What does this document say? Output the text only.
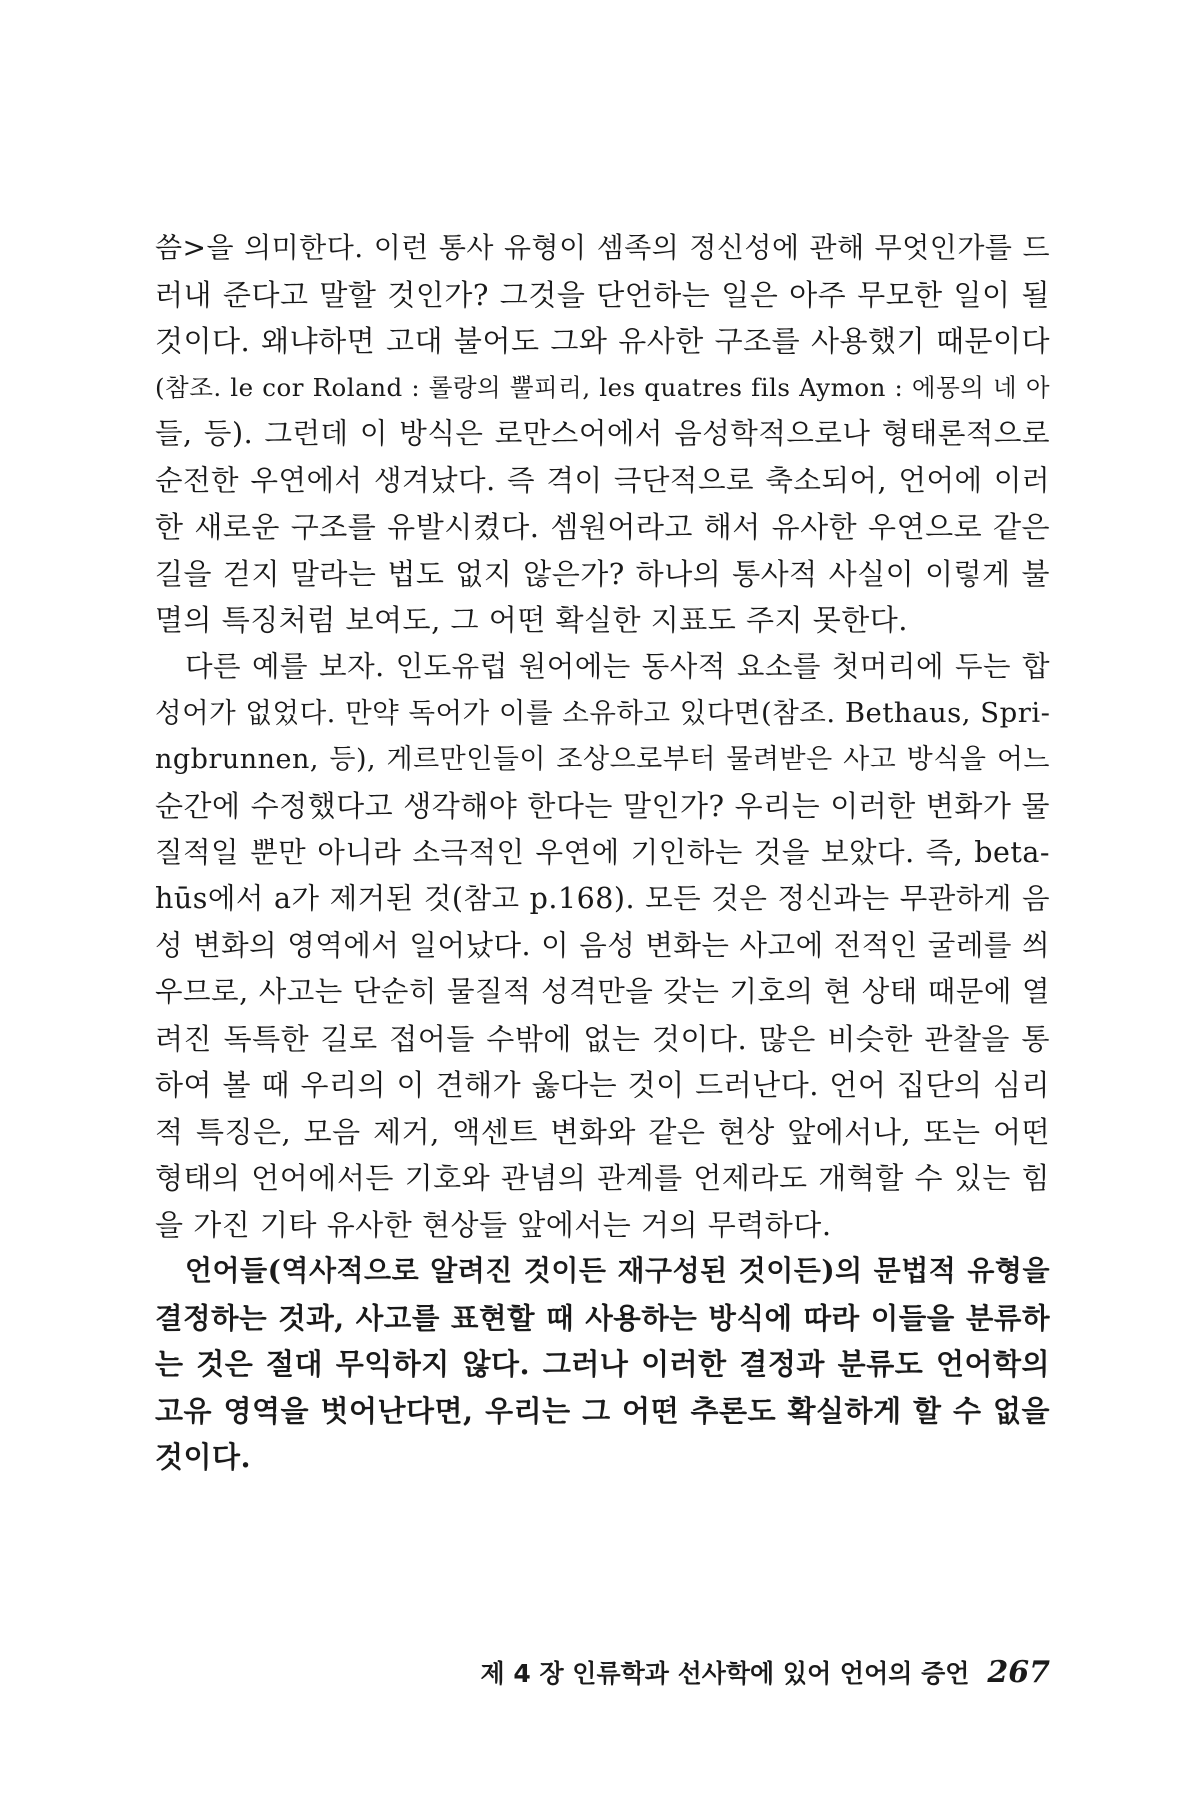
씀>을 의미한다. 이런 통사 유형이 셈족의 정신성에 관해 무엇인가를 드
러내 준다고 말할 것인가? 그것을 단언하는 일은 아주 무모한 일이 될
것이다. 왜냐하면 고대 불어도 그와 유사한 구조를 사용했기 때문이다
(참조. le cor Roland : 롤랑의 뿔피리, les quatres fils Aymon : 에몽의 네 아
들, 등). 그런데 이 방식은 로만스어에서 음성학적으로나 형태론적으로
순전한 우연에서 생겨났다. 즉 격이 극단적으로 축소되어, 언어에 이러
한 새로운 구조를 유발시켰다. 셈원어라고 해서 유사한 우연으로 같은
길을 걷지 말라는 법도 없지 않은가? 하나의 통사적 사실이 이렇게 불
멸의 특징처럼 보여도, 그 어떤 확실한 지표도 주지 못한다.
다른 예를 보자. 인도유럽 원어에는 동사적 요소를 첫머리에 두는 합
성어가 없었다. 만약 독어가 이를 소유하고 있다면(참조. Bethaus, Spri-
ngbrunnen, 등), 게르만인들이 조상으로부터 물려받은 사고 방식을 어느
순간에 수정했다고 생각해야 한다는 말인가? 우리는 이러한 변화가 물
질적일 뿐만 아니라 소극적인 우연에 기인하는 것을 보았다. 즉, beta-
hūs에서 a가 제거된 것(참고 p.168). 모든 것은 정신과는 무관하게 음
성 변화의 영역에서 일어났다. 이 음성 변화는 사고에 전적인 굴레를 씌
우므로, 사고는 단순히 물질적 성격만을 갖는 기호의 현 상태 때문에 열
려진 독특한 길로 접어들 수밖에 없는 것이다. 많은 비슷한 관찰을 통
하여 볼 때 우리의 이 견해가 옳다는 것이 드러난다. 언어 집단의 심리
적 특징은, 모음 제거, 액센트 변화와 같은 현상 앞에서나, 또는 어떤
형태의 언어에서든 기호와 관념의 관계를 언제라도 개혁할 수 있는 힘
을 가진 기타 유사한 현상들 앞에서는 거의 무력하다.
언어들(역사적으로 알려진 것이든 재구성된 것이든)의 문법적 유형을
결정하는 것과, 사고를 표현할 때 사용하는 방식에 따라 이들을 분류하
는 것은 절대 무익하지 않다. 그러나 이러한 결정과 분류도 언어학의
고유 영역을 벗어난다면, 우리는 그 어떤 추론도 확실하게 할 수 없을
것이다.
제 4 장 인류학과 선사학에 있어 언어의 증언 267
